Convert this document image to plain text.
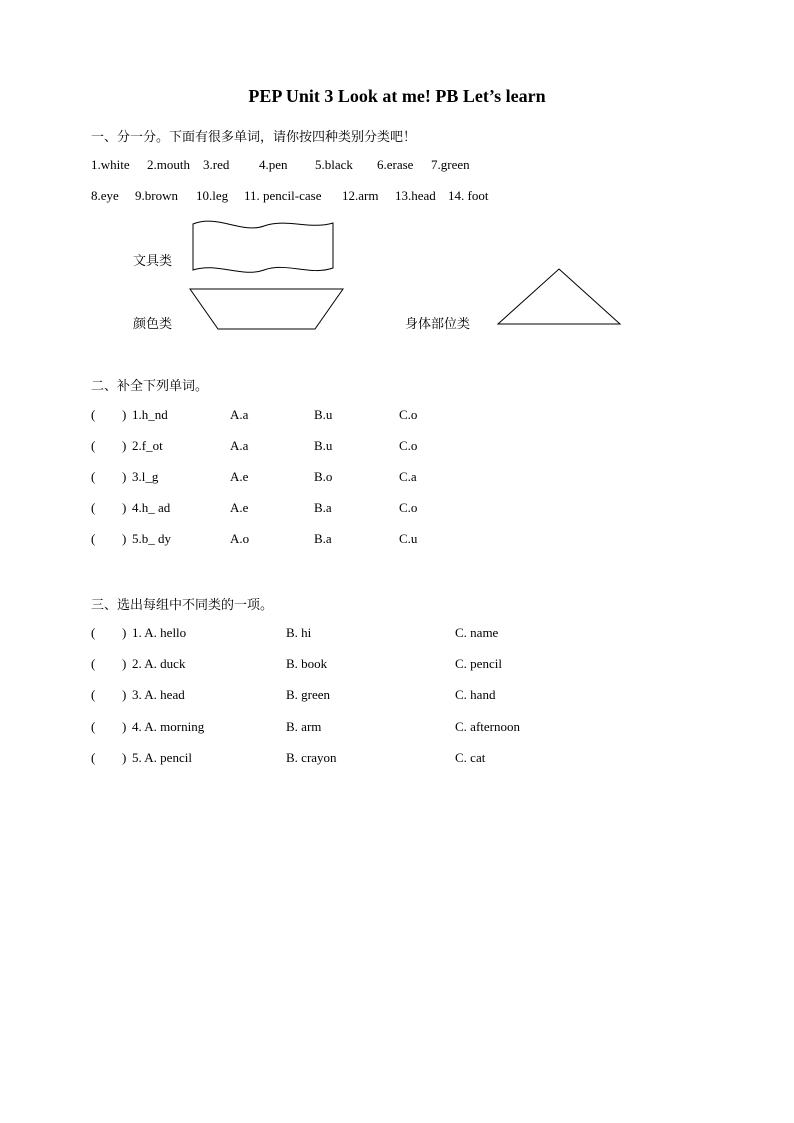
PEP Unit 3 Look at me! PB Let’s learn
一、分一分。下面有很多单词，请你按四种类别分类吧！
1.white 2.mouth 3.red 4.pen 5.black 6.erase 7.green
8.eye 9.brown 10.leg 11. pencil-case 12.arm 13.head 14. foot
文具类
颜色类	身体部位类
二、补全下列单词。
( ) 1.h_nd	A.a	B.u	C.o
( ) 2.f_ot	A.a	B.u	C.o
( ) 3.l_g	A.e	B.o	C.a
( ) 4.h_ ad	A.e	B.a	C.o
( ) 5.b_ dy	A.o	B.a	C.u
三、选出每组中不同类的一项。
( ) 1. A. hello	B. hi	C. name
( ) 2. A. duck	B. book	C. pencil
( ) 3. A. head	B. green	C. hand
( ) 4. A. morning	B. arm	C. afternoon
( ) 5. A. pencil	B. crayon	C. cat
